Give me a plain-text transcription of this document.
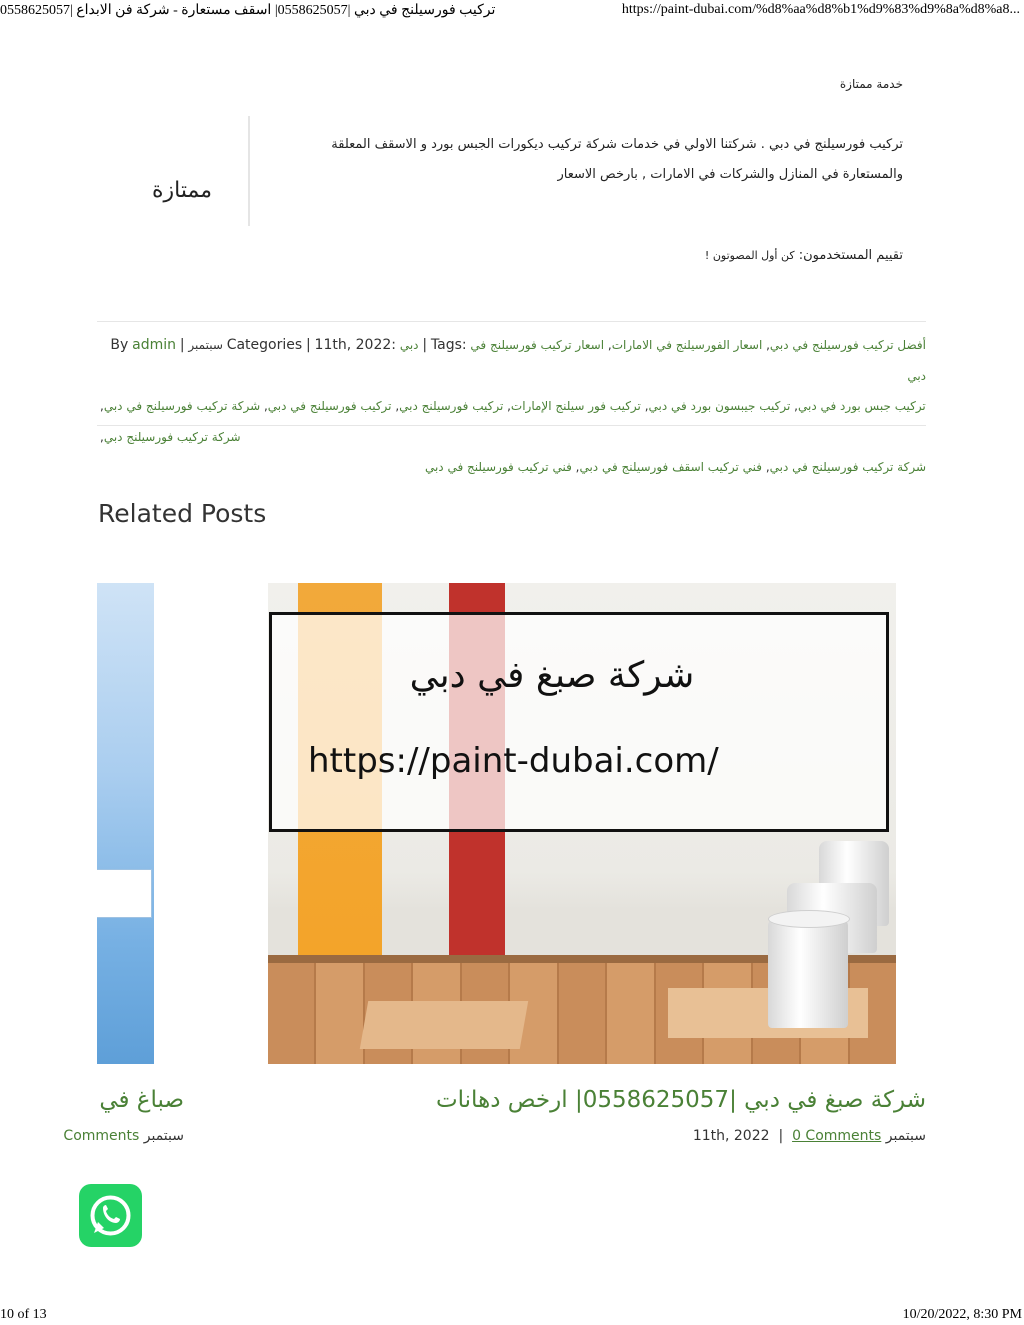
تركيب فورسيلنج في دبي |0558625057| اسقف مستعارة - شركة فن الابداع |0558625057	https://paint-dubai.com/%d8%aa%d8%b1%d9%83%d9%8a%d8%a8...
خدمة ممتازة
تركيب فورسيلنج في دبي . شركتنا الاولي في خدمات شركة تركيب ديكورات الجبس بورد و الاسقف المعلقة
والمستعارة في المنازل والشركات في الامارات , بارخص الاسعار
ممتازة
تقييم المستخدمون: كن أول المصوتون !
By admin | سبتمبر Categories | 11th, 2022: دبي | Tags:	أفضل تركيب فورسيلنج في دبي, اسعار الفورسيلنج في الامارات, اسعار تركيب فورسيلنج في دبي
تركيب جبس بورد في دبي, تركيب جيبسون بورد في دبي, تركيب فور سيلنج الإمارات, تركيب فورسيلنج دبي, تركيب فورسيلنج في دبي, شركة تركيب فورسيلنج في دبي, شركة تركيب فورسيلنج دبي,
شركة تركيب فورسيلنج في دبي, فني تركيب اسقف فورسيلنج في دبي, فني تركيب فورسيلنج في دبي
Related Posts
شركة صبغ في دبي
https://paint-dubai.com/
شركة صبغ في دبي |0558625057| ارخص دهانات
11th, 2022 | 0 Comments سبتمبر
صباغ في
سبتمبر Comments
10 of 13	10/20/2022, 8:30 PM
